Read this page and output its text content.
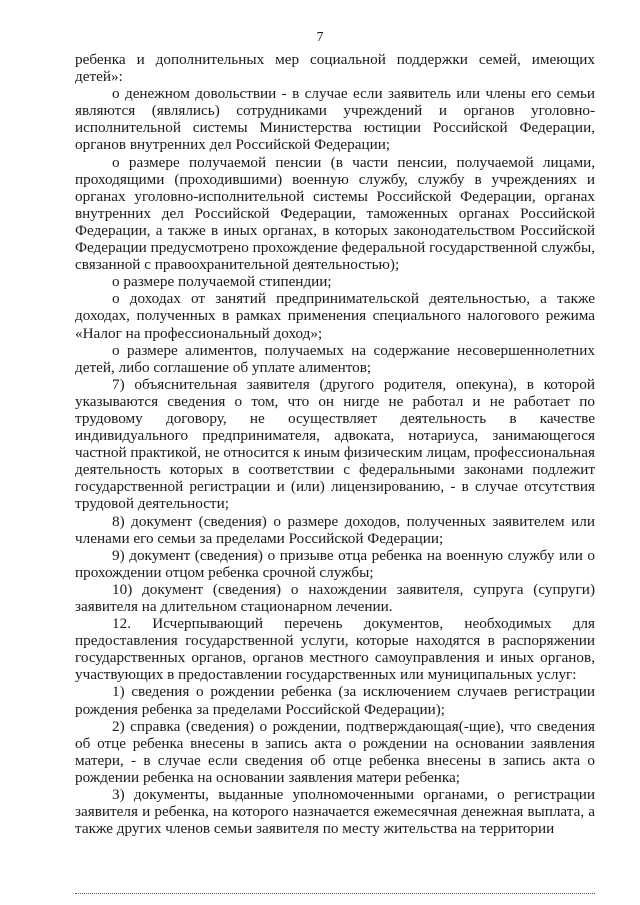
7

ребенка и дополнительных мер социальной поддержки семей, имеющих детей»:

о денежном довольствии - в случае если заявитель или члены его семьи являются (являлись) сотрудниками учреждений и органов уголовно-исполнительной системы Министерства юстиции Российской Федерации, органов внутренних дел Российской Федерации;

о размере получаемой пенсии (в части пенсии, получаемой лицами, проходящими (проходившими) военную службу, службу в учреждениях и органах уголовно-исполнительной системы Российской Федерации, органах внутренних дел Российской Федерации, таможенных органах Российской Федерации, а также в иных органах, в которых законодательством Российской Федерации предусмотрено прохождение федеральной государственной службы, связанной с правоохранительной деятельностью);

о размере получаемой стипендии;

о доходах от занятий предпринимательской деятельностью, а также доходах, полученных в рамках применения специального налогового режима «Налог на профессиональный доход»;

о размере алиментов, получаемых на содержание несовершеннолетних детей, либо соглашение об уплате алиментов;

7) объяснительная заявителя (другого родителя, опекуна), в которой указываются сведения о том, что он нигде не работал и не работает по трудовому договору, не осуществляет деятельность в качестве индивидуального предпринимателя, адвоката, нотариуса, занимающегося частной практикой, не относится к иным физическим лицам, профессиональная деятельность которых в соответствии с федеральными законами подлежит государственной регистрации и (или) лицензированию, - в случае отсутствия трудовой деятельности;

8) документ (сведения) о размере доходов, полученных заявителем или членами его семьи за пределами Российской Федерации;

9) документ (сведения) о призыве отца ребенка на военную службу или о прохождении отцом ребенка срочной службы;

10) документ (сведения) о нахождении заявителя, супруга (супруги) заявителя на длительном стационарном лечении.

12. Исчерпывающий перечень документов, необходимых для предоставления государственной услуги, которые находятся в распоряжении государственных органов, органов местного самоуправления и иных органов, участвующих в предоставлении государственных или муниципальных услуг:

1) сведения о рождении ребенка (за исключением случаев регистрации рождения ребенка за пределами Российской Федерации);

2) справка (сведения) о рождении, подтверждающая(-щие), что сведения об отце ребенка внесены в запись акта о рождении на основании заявления матери, - в случае если сведения об отце ребенка внесены в запись акта о рождении ребенка на основании заявления матери ребенка;

3) документы, выданные уполномоченными органами, о регистрации заявителя и ребенка, на которого назначается ежемесячная денежная выплата, а также других членов семьи заявителя по месту жительства на территории
